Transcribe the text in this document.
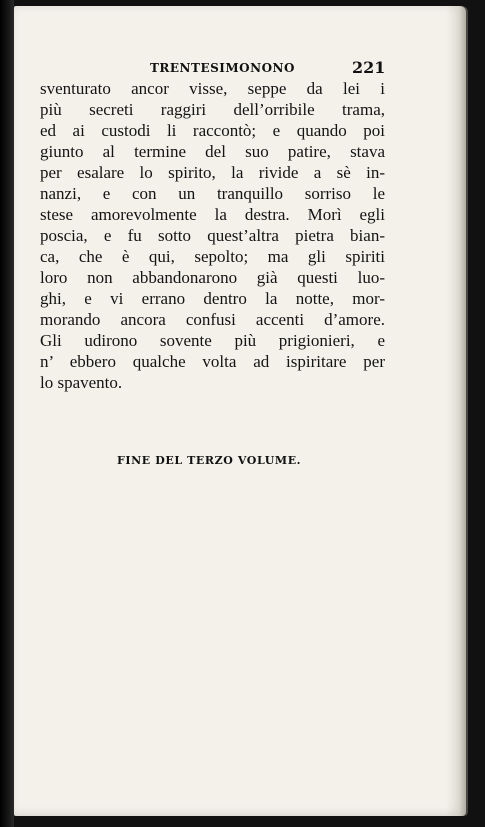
TRENTESIMONONO	221
sventurato ancor visse, seppe da lei i
più secreti raggiri dell’orribile trama,
ed ai custodi li raccontò; e quando poi
giunto al termine del suo patire, stava
per esalare lo spirito, la rivide a sè in-
nanzi, e con un tranquillo sorriso le
stese amorevolmente la destra. Morì egli
poscia, e fu sotto quest’altra pietra bian-
ca, che è qui, sepolto; ma gli spiriti
loro non abbandonarono già questi luo-
ghi, e vi errano dentro la notte, mor-
morando ancora confusi accenti d’amore.
Gli udirono sovente più prigionieri, e
n’ ebbero qualche volta ad ispiritare per
lo spavento.
FINE DEL TERZO VOLUME.
